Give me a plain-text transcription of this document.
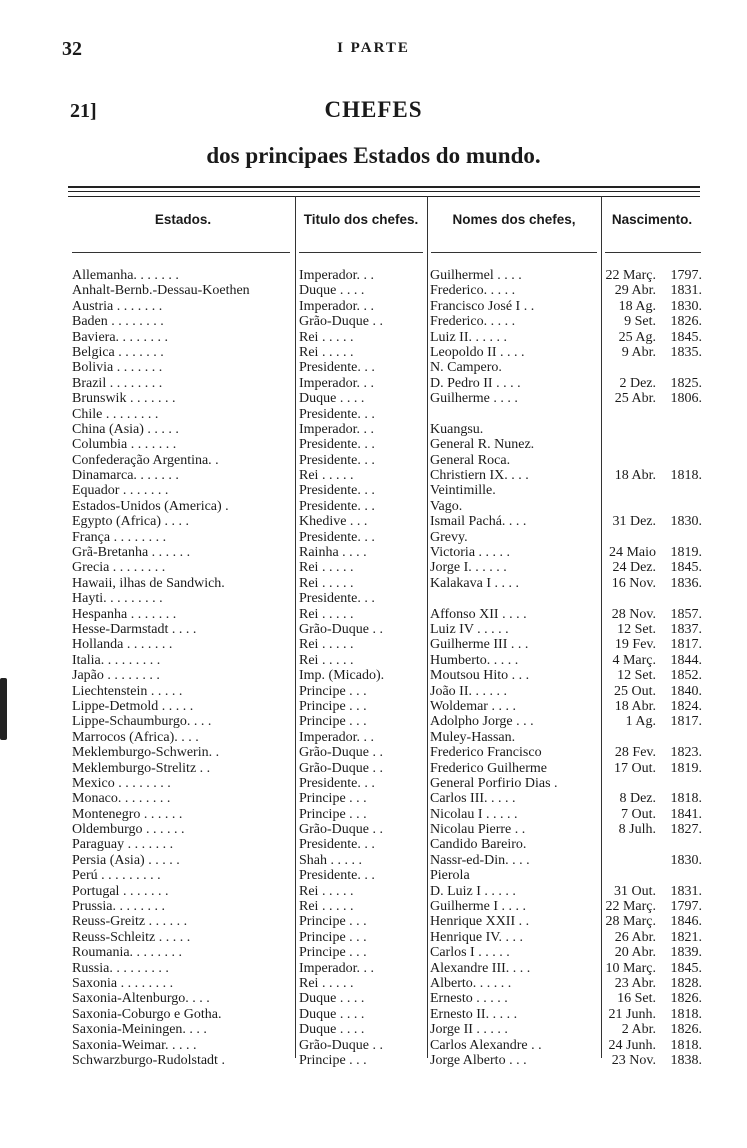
32	I PARTE
21]	CHEFES
dos principaes Estados do mundo.
Estados.	Titulo dos chefes.	Nomes dos chefes,	Nascimento.
Allemanha. . . . . . .	Imperador. . .	Guilhermel . . . .	22 Març. 1797.
Anhalt-Bernb.-Dessau-Koethen	Duque . . . .	Frederico. . . . .	29 Abr. 1831.
Austria . . . . . . .	Imperador. . .	Francisco José I . .	18 Ag. 1830.
Baden . . . . . . . .	Grão-Duque . .	Frederico. . . . .	9 Set. 1826.
Baviera. . . . . . . .	Rei . . . . .	Luiz II. . . . . .	25 Ag. 1845.
Belgica . . . . . . .	Rei . . . . .	Leopoldo II . . . .	9 Abr. 1835.
Bolivia . . . . . . .	Presidente. . .	N. Campero.
Brazil . . . . . . . .	Imperador. . .	D. Pedro II . . . .	2 Dez. 1825.
Brunswik . . . . . . .	Duque . . . .	Guilherme . . . .	25 Abr. 1806.
Chile . . . . . . . .	Presidente. . .
China (Asia) . . . . .	Imperador. . .	Kuangsu.
Columbia . . . . . . .	Presidente. . .	General R. Nunez.
Confederação Argentina. .	Presidente. . .	General Roca.
Dinamarca. . . . . . .	Rei . . . . .	Christiern IX. . . .	18 Abr. 1818.
Equador . . . . . . .	Presidente. . .	Veintimille.
Estados-Unidos (America) .	Presidente. . .	Vago.
Egypto (Africa) . . . .	Khedive . . .	Ismail Pachá. . . .	31 Dez. 1830.
França . . . . . . . .	Presidente. . .	Grevy.
Grã-Bretanha . . . . . .	Rainha . . . .	Victoria . . . . .	24 Maio 1819.
Grecia . . . . . . . .	Rei . . . . .	Jorge I. . . . . .	24 Dez. 1845.
Hawaii, ilhas de Sandwich.	Rei . . . . .	Kalakava I . . . .	16 Nov. 1836.
Hayti. . . . . . . . .	Presidente. . .
Hespanha . . . . . . .	Rei . . . . .	Affonso XII . . . .	28 Nov. 1857.
Hesse-Darmstadt . . . .	Grão-Duque . .	Luiz IV . . . . .	12 Set. 1837.
Hollanda . . . . . . .	Rei . . . . .	Guilherme III . . .	19 Fev. 1817.
Italia. . . . . . . . .	Rei . . . . .	Humberto. . . . .	4 Març. 1844.
Japão . . . . . . . .	Imp. (Micado).	Moutsou Hito . . .	12 Set. 1852.
Liechtenstein . . . . .	Principe . . .	João II. . . . . .	25 Out. 1840.
Lippe-Detmold . . . . .	Principe . . .	Woldemar . . . .	18 Abr. 1824.
Lippe-Schaumburgo. . . .	Principe . . .	Adolpho Jorge . . .	1 Ag. 1817.
Marrocos (Africa). . . .	Imperador. . .	Muley-Hassan.
Meklemburgo-Schwerin. .	Grão-Duque . .	Frederico Francisco	28 Fev. 1823.
Meklemburgo-Strelitz . .	Grão-Duque . .	Frederico Guilherme	17 Out. 1819.
Mexico . . . . . . . .	Presidente. . .	General Porfirio Dias .
Monaco. . . . . . . .	Principe . . .	Carlos III. . . . .	8 Dez. 1818.
Montenegro . . . . . .	Principe . . .	Nicolau I . . . . .	7 Out. 1841.
Oldemburgo . . . . . .	Grão-Duque . .	Nicolau Pierre . .	8 Julh. 1827.
Paraguay . . . . . . .	Presidente. . .	Candido Bareiro.
Persia (Asia) . . . . .	Shah . . . . .	Nassr-ed-Din. . . .	1830.
Perú . . . . . . . . .	Presidente. . .	Pierola
Portugal . . . . . . .	Rei . . . . .	D. Luiz I . . . . .	31 Out. 1831.
Prussia. . . . . . . .	Rei . . . . .	Guilherme I . . . .	22 Març. 1797.
Reuss-Greitz . . . . . .	Principe . . .	Henrique XXII . .	28 Març. 1846.
Reuss-Schleitz . . . . .	Principe . . .	Henrique IV. . . .	26 Abr. 1821.
Roumania. . . . . . . .	Principe . . .	Carlos I . . . . .	20 Abr. 1839.
Russia. . . . . . . . .	Imperador. . .	Alexandre III. . . .	10 Març. 1845.
Saxonia . . . . . . . .	Rei . . . . .	Alberto. . . . . .	23 Abr. 1828.
Saxonia-Altenburgo. . . .	Duque . . . .	Ernesto . . . . .	16 Set. 1826.
Saxonia-Coburgo e Gotha.	Duque . . . .	Ernesto II. . . . .	21 Junh. 1818.
Saxonia-Meiningen. . . .	Duque . . . .	Jorge II . . . . .	2 Abr. 1826.
Saxonia-Weimar. . . . .	Grão-Duque . .	Carlos Alexandre . .	24 Junh. 1818.
Schwarzburgo-Rudolstadt .	Principe . . .	Jorge Alberto . . .	23 Nov. 1838.
